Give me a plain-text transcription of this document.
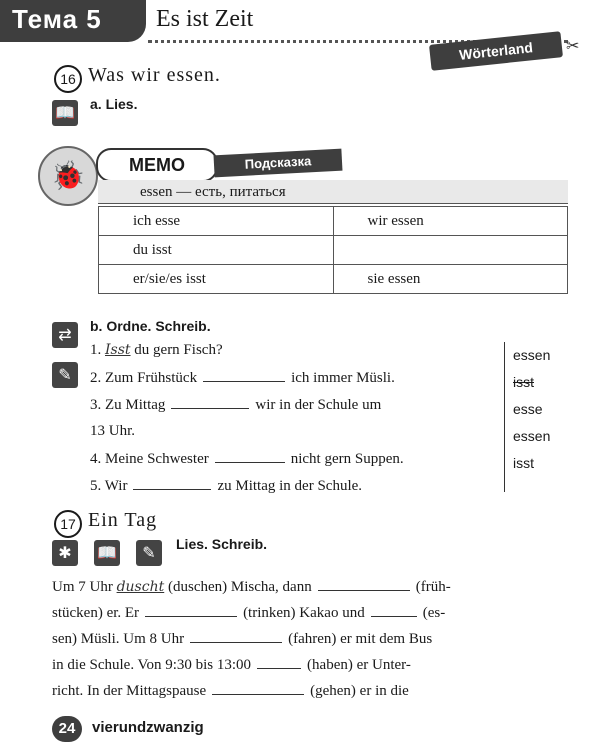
Тема 5 Es ist Zeit
Wörterland	✂
16 Was wir essen.
📖
a. Lies.
🐞	MEMO	Подсказка
essen — есть, питаться
ich esse	wir essen
du isst	
er/sie/es isst	sie essen
⇄
b. Ordne. Schreib.
✎
1. Isst du gern Fisch?
2. Zum Frühstück	ich immer Müsli.
3. Zu Mittag	wir in der Schule um
13 Uhr.
4. Meine Schwester	nicht gern Suppen.
5. Wir	zu Mittag in der Schule.
essen
isst
esse
essen
isst
17 Ein Tag
✱	📖	✎
Lies. Schreib.
Um 7 Uhr duscht (duschen) Mischa, dann	(früh-
stücken) er. Er	(trinken) Kakao und	(es-
sen) Müsli. Um 8 Uhr	(fahren) er mit dem Bus
in die Schule. Von 9:30 bis 13:00	(haben) er Unter-
richt. In der Mittagspause	(gehen) er in die
24	vierundzwanzig
